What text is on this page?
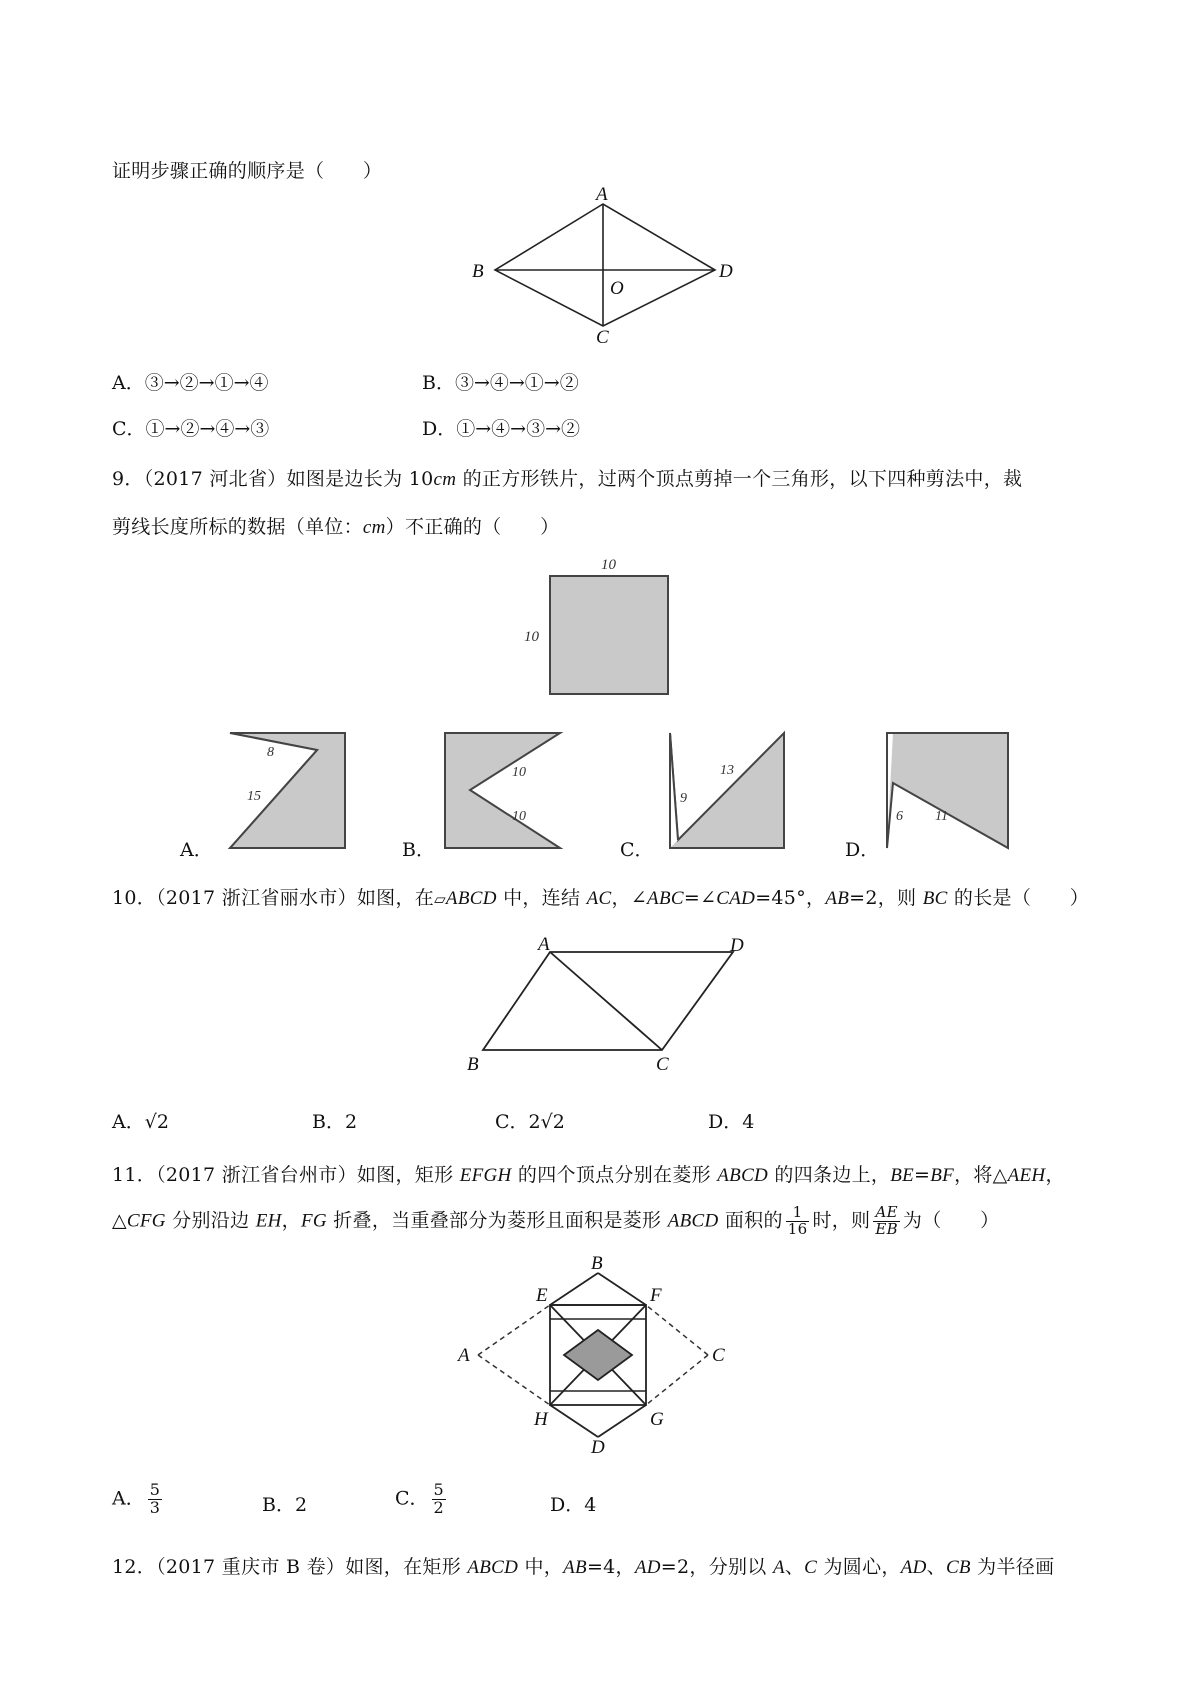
证明步骤正确的顺序是（　　）
A
B	D
O
C
A．③→②→①→④	B．③→④→①→②
C．①→②→④→③	D．①→④→③→②
9．（2017 河北省）如图是边长为 10cm 的正方形铁片，过两个顶点剪掉一个三角形，以下四种剪法中，裁
剪线长度所标的数据（单位：cm）不正确的（　　）
10
10
8
15
A．
10
10
B．
9
13
C．
6 11
D．
10．（2017 浙江省丽水市）如图，在▱ABCD 中，连结 AC，∠ABC=∠CAD=45°，AB=2，则 BC 的长是（　　）
A	D
B	C
A．√2	B．2	C．2√2	D．4
11．（2017 浙江省台州市）如图，矩形 EFGH 的四个顶点分别在菱形 ABCD 的四条边上，BE=BF，将△AEH，
△CFG 分别沿边 EH，FG 折叠，当重叠部分为菱形且面积是菱形 ABCD 面积的 $\frac{1}{16}$ 时，则 $\frac{AE}{EB}$ 为（　　）
B
E	F
A	C
H	G
D
A． $\frac{5}{3}$	B．2	C． $\frac{5}{2}$	D．4
12．（2017 重庆市 B 卷）如图，在矩形 ABCD 中，AB=4，AD=2，分别以 A、C 为圆心，AD、CB 为半径画
